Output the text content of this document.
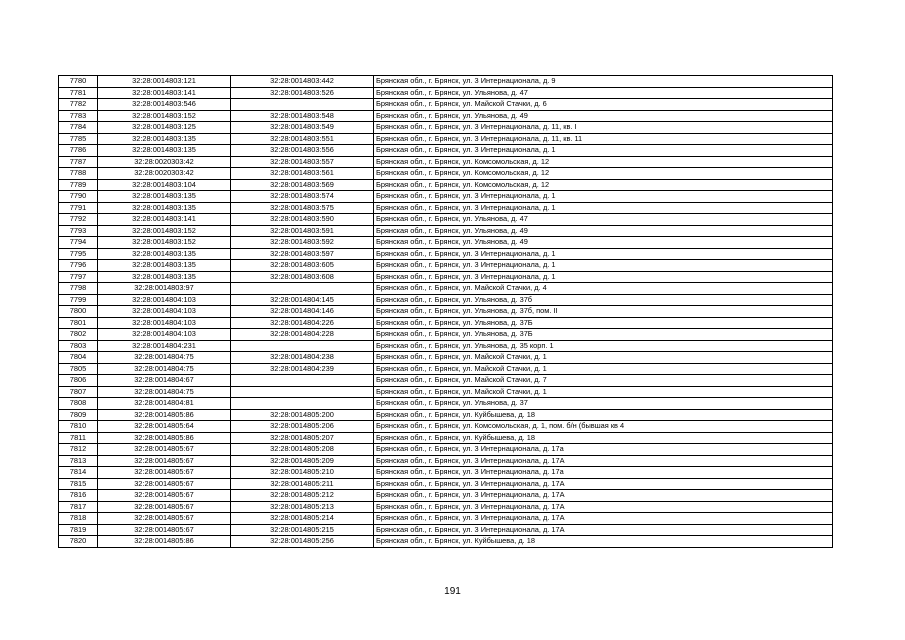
7780	32:28:0014803:121	32:28:0014803:442	Брянская обл., г. Брянск, ул. 3 Интернационала, д. 9
7781	32:28:0014803:141	32:28:0014803:526	Брянская обл., г. Брянск, ул. Ульянова, д. 47
7782	32:28:0014803:546		Брянская обл., г. Брянск, ул. Майской Стачки, д. 6
7783	32:28:0014803:152	32:28:0014803:548	Брянская обл., г. Брянск, ул. Ульянова, д. 49
7784	32:28:0014803:125	32:28:0014803:549	Брянская обл., г. Брянск, ул. 3 Интернационала, д. 11, кв. I
7785	32:28:0014803:135	32:28:0014803:551	Брянская обл., г. Брянск, ул. 3 Интернационала, д. 11, кв. 11
7786	32:28:0014803:135	32:28:0014803:556	Брянская обл., г. Брянск, ул. 3 Интернационала, д. 1
7787	32:28:0020303:42	32:28:0014803:557	Брянская обл., г. Брянск, ул. Комсомольская, д. 12
7788	32:28:0020303:42	32:28:0014803:561	Брянская обл., г. Брянск, ул. Комсомольская, д. 12
7789	32:28:0014803:104	32:28:0014803:569	Брянская обл., г. Брянск, ул. Комсомольская, д. 12
7790	32:28:0014803:135	32:28:0014803:574	Брянская обл., г. Брянск, ул. 3 Интернационала, д. 1
7791	32:28:0014803:135	32:28:0014803:575	Брянская обл., г. Брянск, ул. 3 Интернационала, д. 1
7792	32:28:0014803:141	32:28:0014803:590	Брянская обл., г. Брянск, ул. Ульянова, д. 47
7793	32:28:0014803:152	32:28:0014803:591	Брянская обл., г. Брянск, ул. Ульянова, д. 49
7794	32:28:0014803:152	32:28:0014803:592	Брянская обл., г. Брянск, ул. Ульянова, д. 49
7795	32:28:0014803:135	32:28:0014803:597	Брянская обл., г. Брянск, ул. 3 Интернационала, д. 1
7796	32:28:0014803:135	32:28:0014803:605	Брянская обл., г. Брянск, ул. 3 Интернационала, д. 1
7797	32:28:0014803:135	32:28:0014803:608	Брянская обл., г. Брянск, ул. 3 Интернационала, д. 1
7798	32:28:0014803:97		Брянская обл., г. Брянск, ул. Майской Стачки, д. 4
7799	32:28:0014804:103	32:28:0014804:145	Брянская обл., г. Брянск, ул. Ульянова, д. 37б
7800	32:28:0014804:103	32:28:0014804:146	Брянская обл., г. Брянск, ул. Ульянова, д. 37б, пом. II
7801	32:28:0014804:103	32:28:0014804:226	Брянская обл., г. Брянск, ул. Ульянова, д. 37Б
7802	32:28:0014804:103	32:28:0014804:228	Брянская обл., г. Брянск, ул. Ульянова, д. 37Б
7803	32:28:0014804:231		Брянская обл., г. Брянск, ул. Ульянова, д. 35 корп. 1
7804	32:28:0014804:75	32:28:0014804:238	Брянская обл., г. Брянск, ул. Майской Стачки, д. 1
7805	32:28:0014804:75	32:28:0014804:239	Брянская обл., г. Брянск, ул. Майской Стачки, д. 1
7806	32:28:0014804:67		Брянская обл., г. Брянск, ул. Майской Стачки, д. 7
7807	32:28:0014804:75		Брянская обл., г. Брянск, ул. Майской Стачки, д. 1
7808	32:28:0014804:81		Брянская обл., г. Брянск, ул. Ульянова, д. 37
7809	32:28:0014805:86	32:28:0014805:200	Брянская обл., г. Брянск, ул. Куйбышева, д. 18
7810	32:28:0014805:64	32:28:0014805:206	Брянская обл., г. Брянск, ул. Комсомольская, д. 1, пом. б/н (бывшая кв 4
7811	32:28:0014805:86	32:28:0014805:207	Брянская обл., г. Брянск, ул. Куйбышева, д. 18
7812	32:28:0014805:67	32:28:0014805:208	Брянская обл., г. Брянск, ул. 3 Интернационала, д. 17а
7813	32:28:0014805:67	32:28:0014805:209	Брянская обл., г. Брянск, ул. 3 Интернационала, д. 17А
7814	32:28:0014805:67	32:28:0014805:210	Брянская обл., г. Брянск, ул. 3 Интернационала, д. 17а
7815	32:28:0014805:67	32:28:0014805:211	Брянская обл., г. Брянск, ул. 3 Интернационала, д. 17А
7816	32:28:0014805:67	32:28:0014805:212	Брянская обл., г. Брянск, ул. 3 Интернационала, д. 17А
7817	32:28:0014805:67	32:28:0014805:213	Брянская обл., г. Брянск, ул. 3 Интернационала, д. 17А
7818	32:28:0014805:67	32:28:0014805:214	Брянская обл., г. Брянск, ул. 3 Интернационала, д. 17А
7819	32:28:0014805:67	32:28:0014805:215	Брянская обл., г. Брянск, ул. 3 Интернационала, д. 17А
7820	32:28:0014805:86	32:28:0014805:256	Брянская обл., г. Брянск, ул. Куйбышева, д. 18
191
